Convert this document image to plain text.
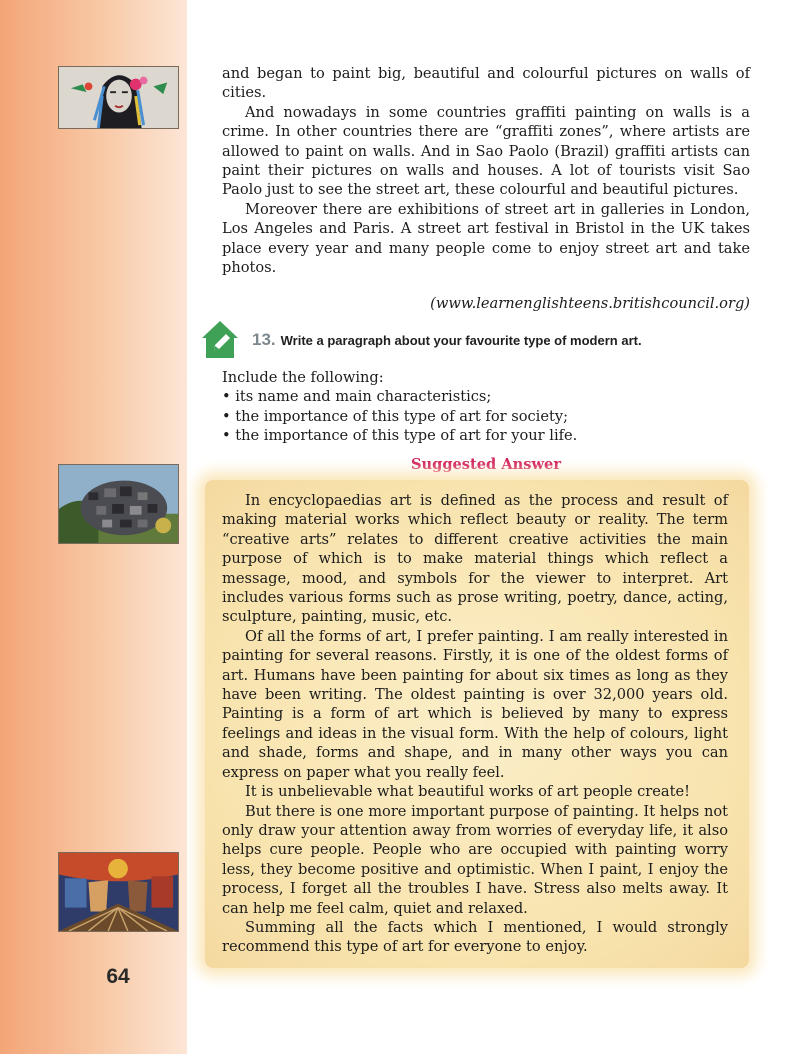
64

and began to paint big, beautiful and colourful pictures on walls of cities.

And nowadays in some countries graffiti painting on walls is a crime. In other countries there are “graffiti zones”, where artists are allowed to paint on walls. And in Sao Paolo (Brazil) graffiti artists can paint their pictures on walls and houses. A lot of tourists visit Sao Paolo just to see the street art, these colourful and beautiful pictures.

Moreover there are exhibitions of street art in galleries in London, Los Angeles and Paris. A street art festival in Bristol in the UK takes place every year and many people come to enjoy street art and take photos.

(www.learnenglishteens.britishcouncil.org)
13. Write a paragraph about your favourite type of modern art.
Include the following:
• its name and main characteristics;
• the importance of this type of art for society;
• the importance of this type of art for your life.
Suggested Answer

In encyclopaedias art is defined as the process and result of making material works which reflect beauty or reality. The term “creative arts” relates to different creative activities the main purpose of which is to make material things which reflect a message, mood, and symbols for the viewer to interpret. Art includes various forms such as prose writing, poetry, dance, acting, sculpture, painting, music, etc.

Of all the forms of art, I prefer painting. I am really interested in painting for several reasons. Firstly, it is one of the oldest forms of art. Humans have been painting for about six times as long as they have been writing. The oldest painting is over 32,000 years old. Painting is a form of art which is believed by many to express feelings and ideas in the visual form. With the help of colours, light and shade, forms and shape, and in many other ways you can express on paper what you really feel.

It is unbelievable what beautiful works of art people create!

But there is one more important purpose of painting. It helps not only draw your attention away from worries of everyday life, it also helps cure people. People who are occupied with painting worry less, they become positive and optimistic. When I paint, I enjoy the process, I forget all the troubles I have. Stress also melts away. It can help me feel calm, quiet and relaxed.

Summing all the facts which I mentioned, I would strongly recommend this type of art for everyone to enjoy.
